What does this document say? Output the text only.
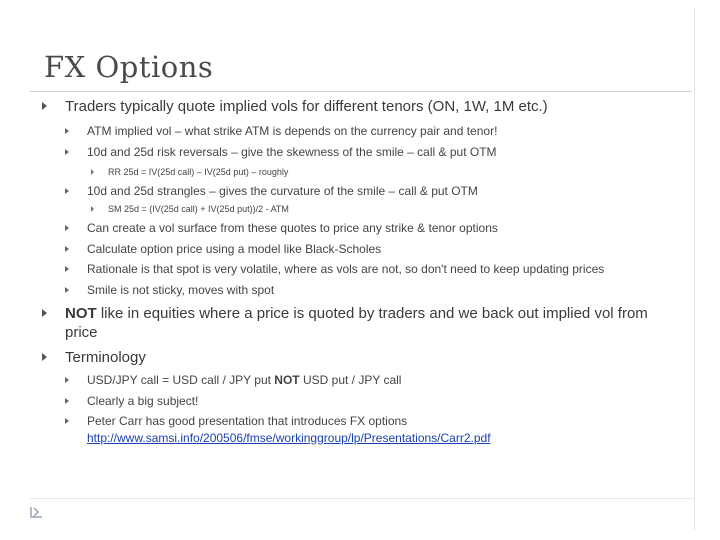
FX Options
Traders typically quote implied vols for different tenors (ON, 1W, 1M etc.)
ATM implied vol – what strike ATM is depends on the currency pair and tenor!
10d and 25d risk reversals – give the skewness of the smile – call & put OTM
RR 25d = IV(25d call) – IV(25d put) – roughly
10d and 25d strangles – gives the curvature of the smile – call & put OTM
SM 25d = (IV(25d call) + IV(25d put))/2 - ATM
Can create a vol surface from these quotes to price any strike & tenor options
Calculate option price using a model like Black-Scholes
Rationale is that spot is very volatile, where as vols are not, so don't need to keep updating prices
Smile is not sticky, moves with spot
NOT like in equities where a price is quoted by traders and we back out implied vol from
price
Terminology
USD/JPY call = USD call / JPY put NOT USD put / JPY call
Clearly a big subject!
Peter Carr has good presentation that introduces FX options
http://www.samsi.info/200506/fmse/workinggroup/lp/Presentations/Carr2.pdf
